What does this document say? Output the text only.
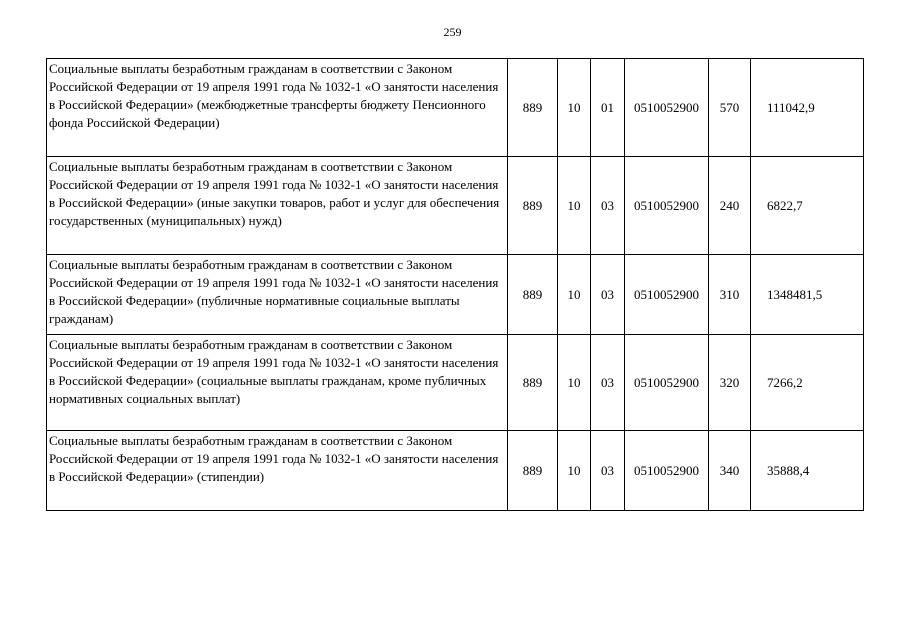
259
Социальные выплаты безработным гражданам в соответствии с Законом Российской Федерации от 19 апреля 1991 года № 1032-1 «О занятости населения в Российской Федерации» (межбюджетные трансферты бюджету Пенсионного фонда Российской Федерации)	889	10	01	0510052900	570	111042,9
Социальные выплаты безработным гражданам в соответствии с Законом Российской Федерации от 19 апреля 1991 года № 1032-1 «О занятости населения в Российской Федерации» (иные закупки товаров, работ и услуг для обеспечения государственных (муниципальных) нужд)	889	10	03	0510052900	240	6822,7
Социальные выплаты безработным гражданам в соответствии с Законом Российской Федерации от 19 апреля 1991 года № 1032-1 «О занятости населения в Российской Федерации» (публичные нормативные социальные выплаты гражданам)	889	10	03	0510052900	310	1348481,5
Социальные выплаты безработным гражданам в соответствии с Законом Российской Федерации от 19 апреля 1991 года № 1032-1 «О занятости населения в Российской Федерации» (социальные выплаты гражданам, кроме публичных нормативных социальных выплат)	889	10	03	0510052900	320	7266,2
Социальные выплаты безработным гражданам в соответствии с Законом Российской Федерации от 19 апреля 1991 года № 1032-1 «О занятости населения в Российской Федерации» (стипендии)	889	10	03	0510052900	340	35888,4
